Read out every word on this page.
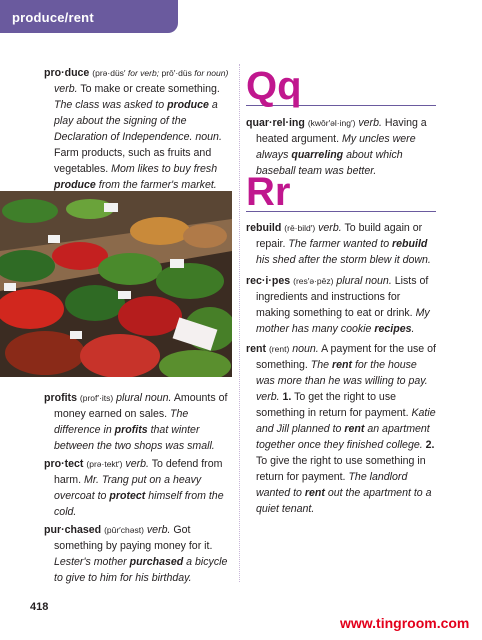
produce/rent
pro·duce (prə·düs′ for verb; prō′·düs for noun) verb. To make or create something. The class was asked to produce a play about the signing of the Declaration of Independence. noun. Farm products, such as fruits and vegetables. Mom likes to buy fresh produce from the farmer's market.
profits (prof′·its) plural noun. Amounts of money earned on sales. The difference in profits that winter between the two shops was small.
pro·tect (prə·tekt′) verb. To defend from harm. Mr. Trang put on a heavy overcoat to protect himself from the cold.
pur·chased (pûr′chəst) verb. Got something by paying money for it. Lester's mother purchased a bicycle to give to him for his birthday.
Qq
quar·rel·ing (kwôr′əl·ing′) verb. Having a heated argument. My uncles were always quarreling about which baseball team was better.
Rr
rebuild (rē·bild′) verb. To build again or repair. The farmer wanted to rebuild his shed after the storm blew it down.
rec·i·pes (res′ə·pēz) plural noun. Lists of ingredients and instructions for making something to eat or drink. My mother has many cookie recipes.
rent (rent) noun. A payment for the use of something. The rent for the house was more than he was willing to pay. verb. 1. To get the right to use something in return for payment. Katie and Jill planned to rent an apartment together once they finished college. 2. To give the right to use something in return for payment. The landlord wanted to rent out the apartment to a quiet tenant.
418
www.tingroom.com
